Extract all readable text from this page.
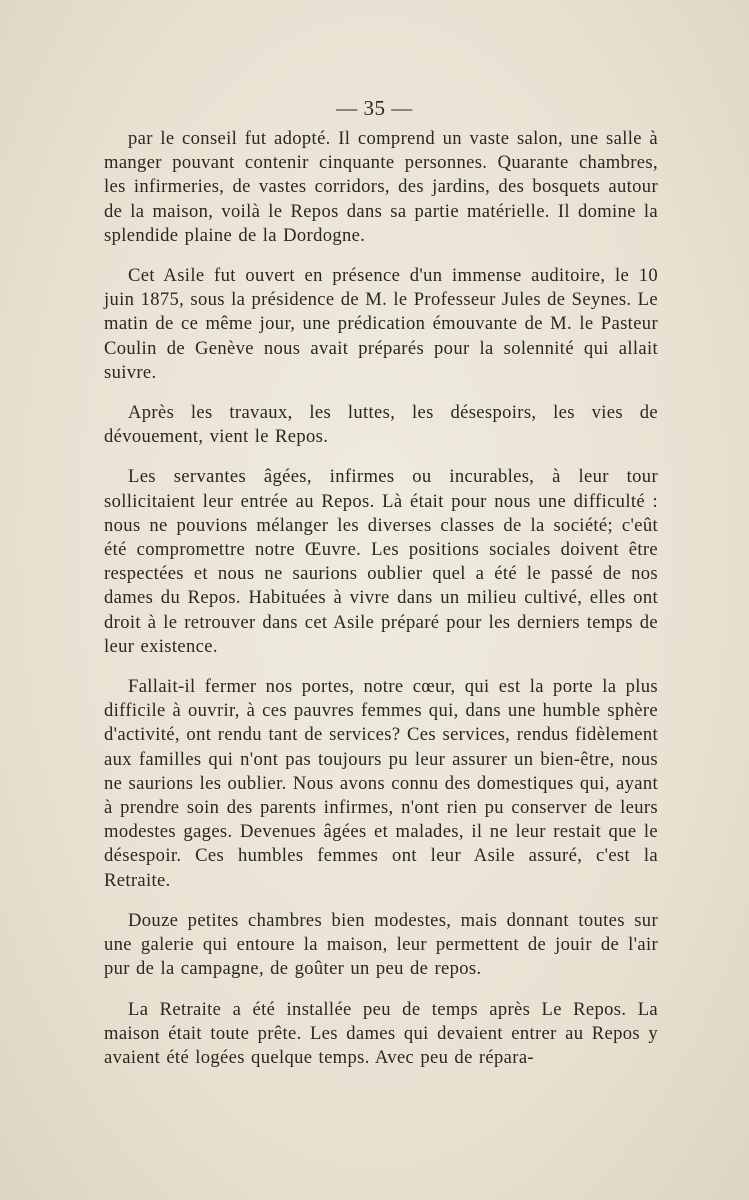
— 35 —

par le conseil fut adopté. Il comprend un vaste salon, une salle à manger pouvant contenir cinquante personnes. Quarante chambres, les infirmeries, de vastes corridors, des jardins, des bosquets autour de la maison, voilà le Repos dans sa partie matérielle. Il domine la splendide plaine de la Dordogne.

Cet Asile fut ouvert en présence d'un immense auditoire, le 10 juin 1875, sous la présidence de M. le Professeur Jules de Seynes. Le matin de ce même jour, une prédication émouvante de M. le Pasteur Coulin de Genève nous avait préparés pour la solennité qui allait suivre.

Après les travaux, les luttes, les désespoirs, les vies de dévouement, vient le Repos.

Les servantes âgées, infirmes ou incurables, à leur tour sollicitaient leur entrée au Repos. Là était pour nous une difficulté : nous ne pouvions mélanger les diverses classes de la société; c'eût été compromettre notre Œuvre. Les positions sociales doivent être respectées et nous ne saurions oublier quel a été le passé de nos dames du Repos. Habituées à vivre dans un milieu cultivé, elles ont droit à le retrouver dans cet Asile préparé pour les derniers temps de leur existence.

Fallait-il fermer nos portes, notre cœur, qui est la porte la plus difficile à ouvrir, à ces pauvres femmes qui, dans une humble sphère d'activité, ont rendu tant de services? Ces services, rendus fidèlement aux familles qui n'ont pas toujours pu leur assurer un bien-être, nous ne saurions les oublier. Nous avons connu des domestiques qui, ayant à prendre soin des parents infirmes, n'ont rien pu conserver de leurs modestes gages. Devenues âgées et malades, il ne leur restait que le désespoir. Ces humbles femmes ont leur Asile assuré, c'est la Retraite.

Douze petites chambres bien modestes, mais donnant toutes sur une galerie qui entoure la maison, leur permettent de jouir de l'air pur de la campagne, de goûter un peu de repos.

La Retraite a été installée peu de temps après Le Repos. La maison était toute prête. Les dames qui devaient entrer au Repos y avaient été logées quelque temps. Avec peu de répara-
